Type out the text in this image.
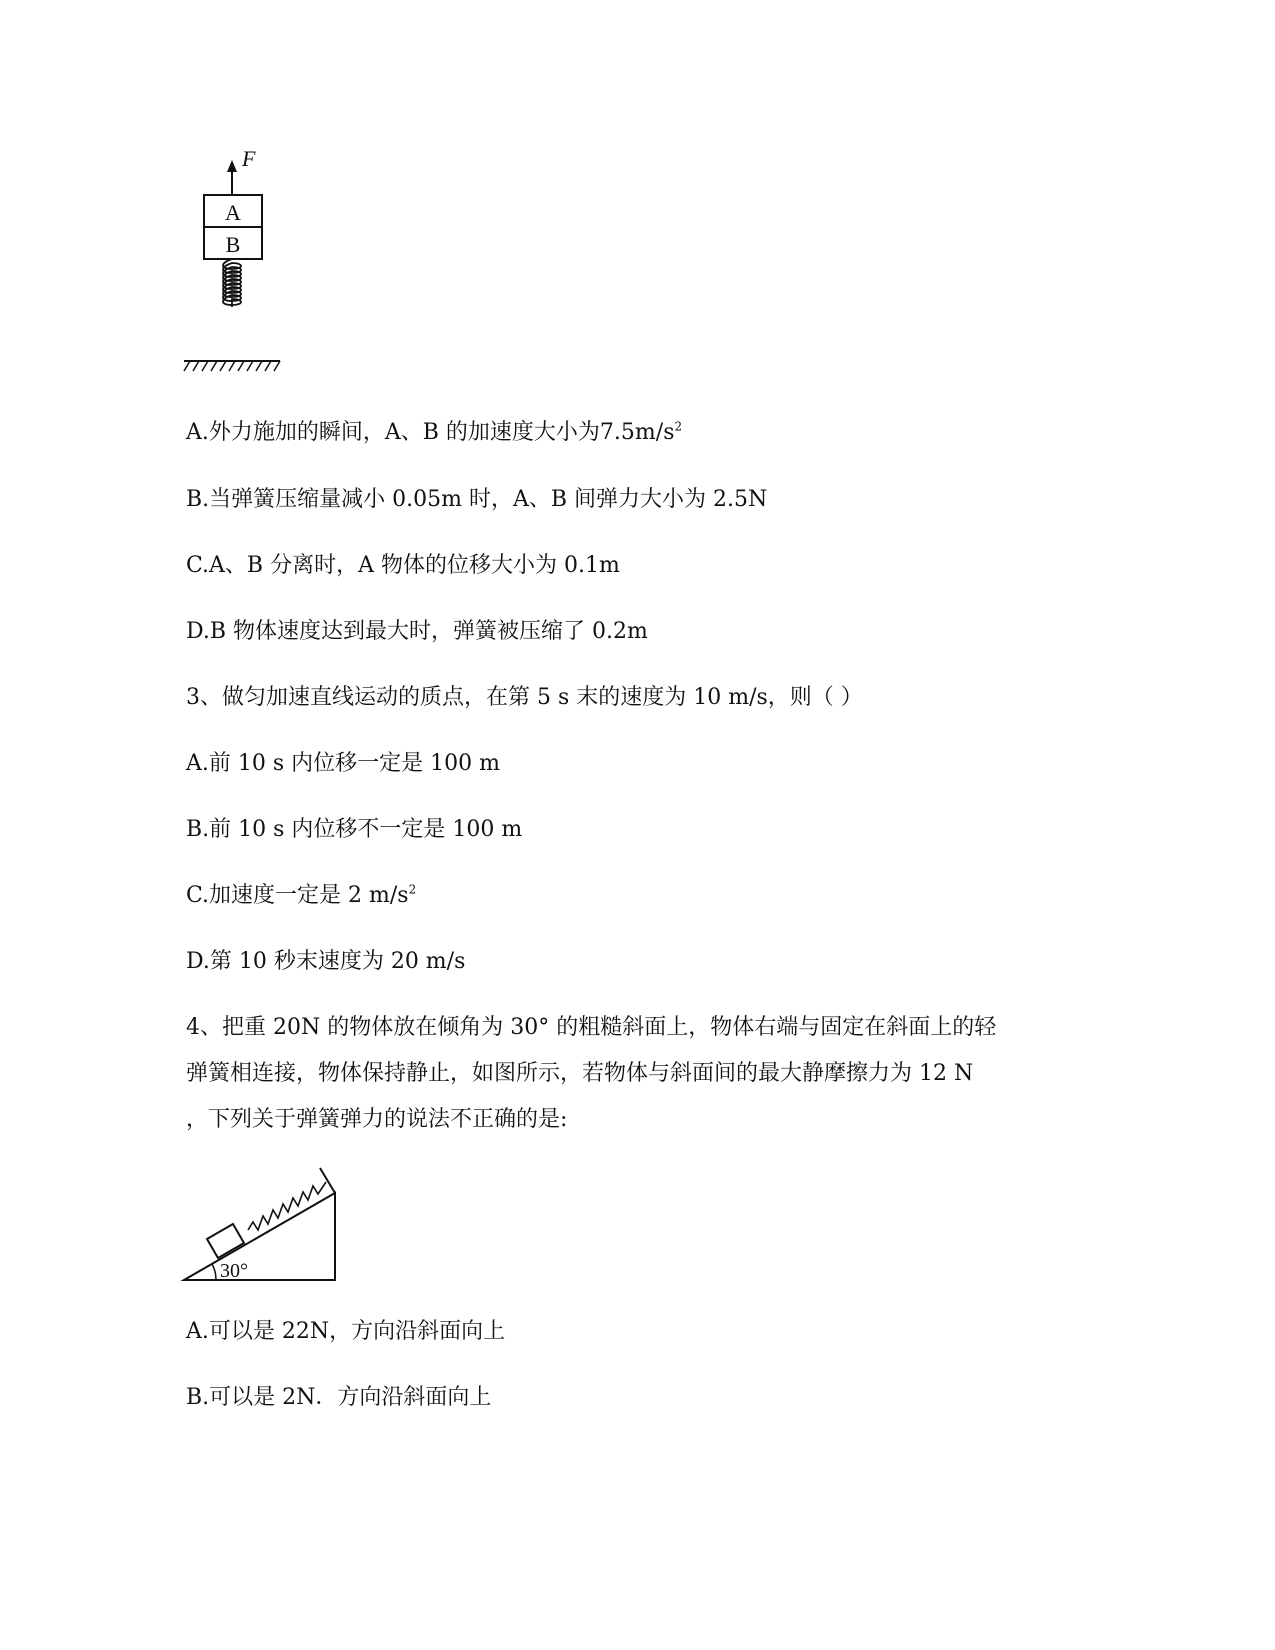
F
A
B

A.外力施加的瞬间，A、B 的加速度大小为$7.5m/s^2$

B.当弹簧压缩量减小 0.05m 时，A、B 间弹力大小为 2.5N

C.A、B 分离时，A 物体的位移大小为 0.1m

D.B 物体速度达到最大时，弹簧被压缩了 0.2m

3、做匀加速直线运动的质点，在第 5 s 末的速度为 10 m/s，则（ ）

A.前 10 s 内位移一定是 100 m

B.前 10 s 内位移不一定是 100 m

C.加速度一定是 2 $m/s^2$

D.第 10 秒末速度为 20 m/s

4、把重 20N 的物体放在倾角为 30° 的粗糙斜面上，物体右端与固定在斜面上的轻

弹簧相连接，物体保持静止，如图所示，若物体与斜面间的最大静摩擦力为 12 N

，下列关于弹簧弹力的说法不正确的是:

30°

A.可以是 22N，方向沿斜面向上

B.可以是 2N．方向沿斜面向上
